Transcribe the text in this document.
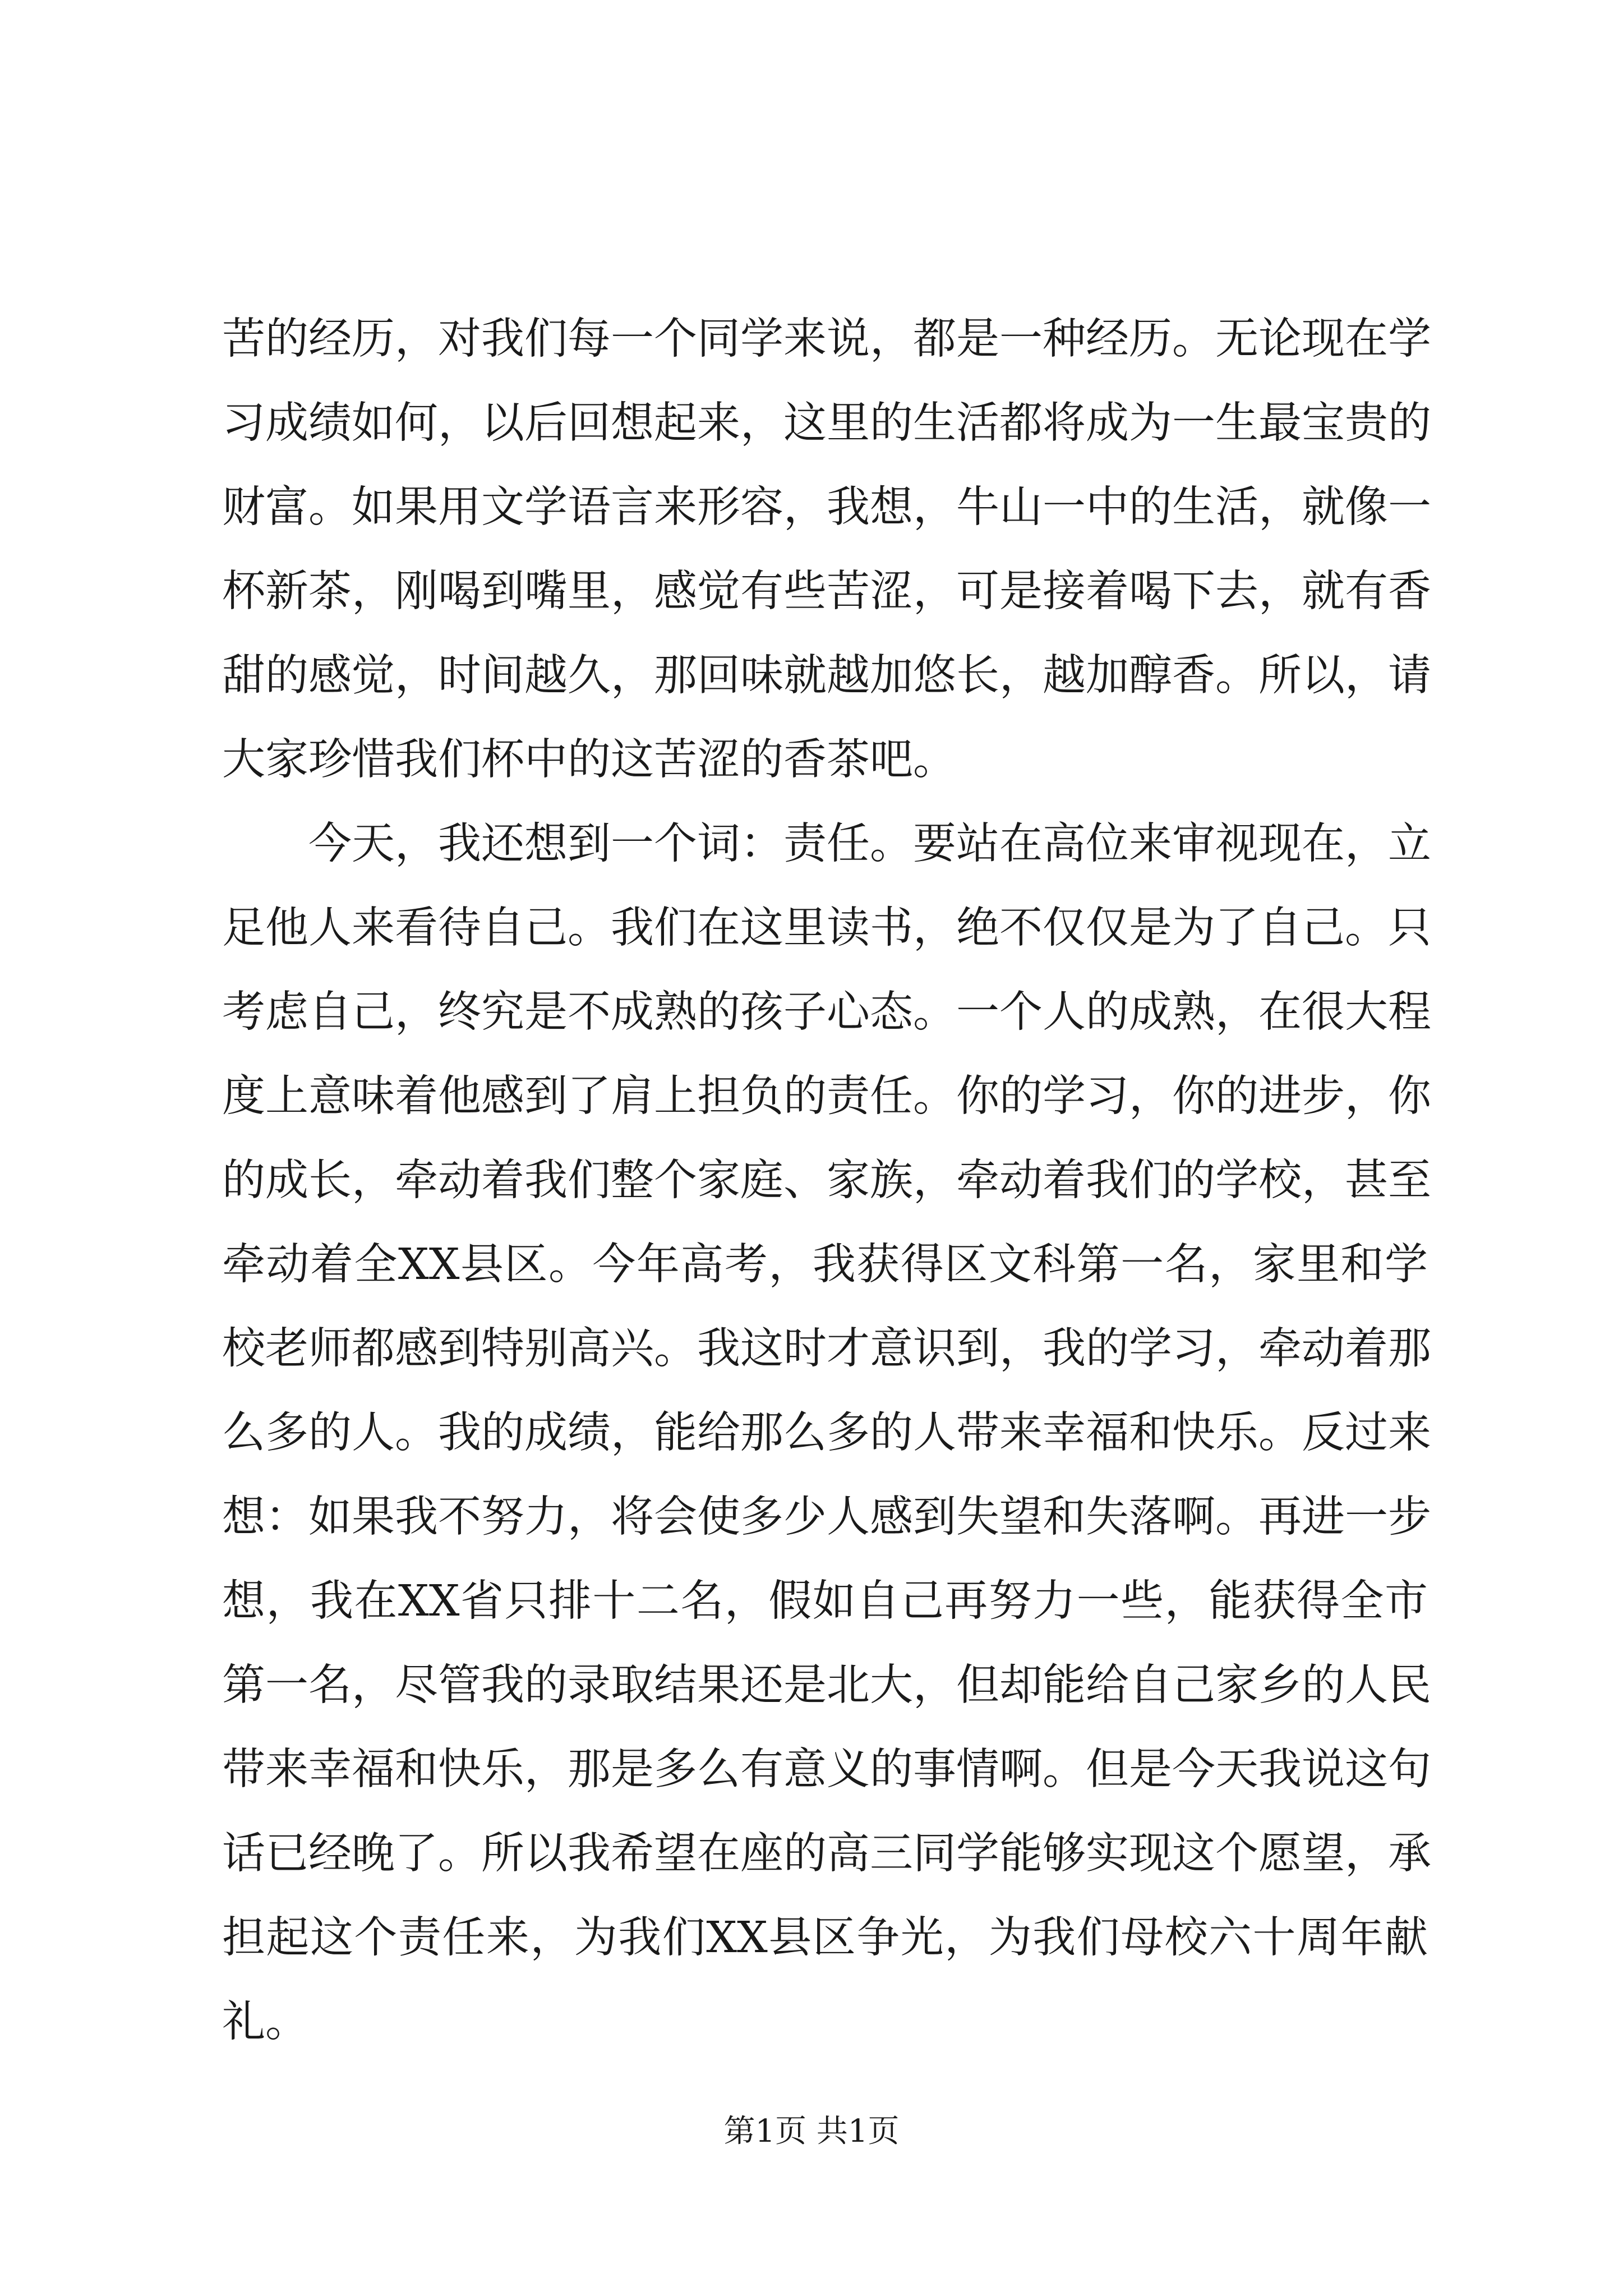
苦的经历，对我们每一个同学来说，都是一种经历。无论现在学
习成绩如何，以后回想起来，这里的生活都将成为一生最宝贵的
财富。如果用文学语言来形容，我想，牛山一中的生活，就像一
杯新茶，刚喝到嘴里，感觉有些苦涩，可是接着喝下去，就有香
甜的感觉，时间越久，那回味就越加悠长，越加醇香。所以，请
大家珍惜我们杯中的这苦涩的香茶吧。
　　今天，我还想到一个词：责任。要站在高位来审视现在，立
足他人来看待自己。我们在这里读书，绝不仅仅是为了自己。只
考虑自己，终究是不成熟的孩子心态。一个人的成熟，在很大程
度上意味着他感到了肩上担负的责任。你的学习，你的进步，你
的成长，牵动着我们整个家庭、家族，牵动着我们的学校，甚至
牵动着全XX县区。今年高考，我获得区文科第一名，家里和学
校老师都感到特别高兴。我这时才意识到，我的学习，牵动着那
么多的人。我的成绩，能给那么多的人带来幸福和快乐。反过来
想：如果我不努力，将会使多少人感到失望和失落啊。再进一步
想，我在XX省只排十二名，假如自己再努力一些，能获得全市
第一名，尽管我的录取结果还是北大，但却能给自己家乡的人民
带来幸福和快乐，那是多么有意义的事情啊。但是今天我说这句
话已经晚了。所以我希望在座的高三同学能够实现这个愿望，承
担起这个责任来，为我们XX县区争光，为我们母校六十周年献
礼。
第1页 共1页
